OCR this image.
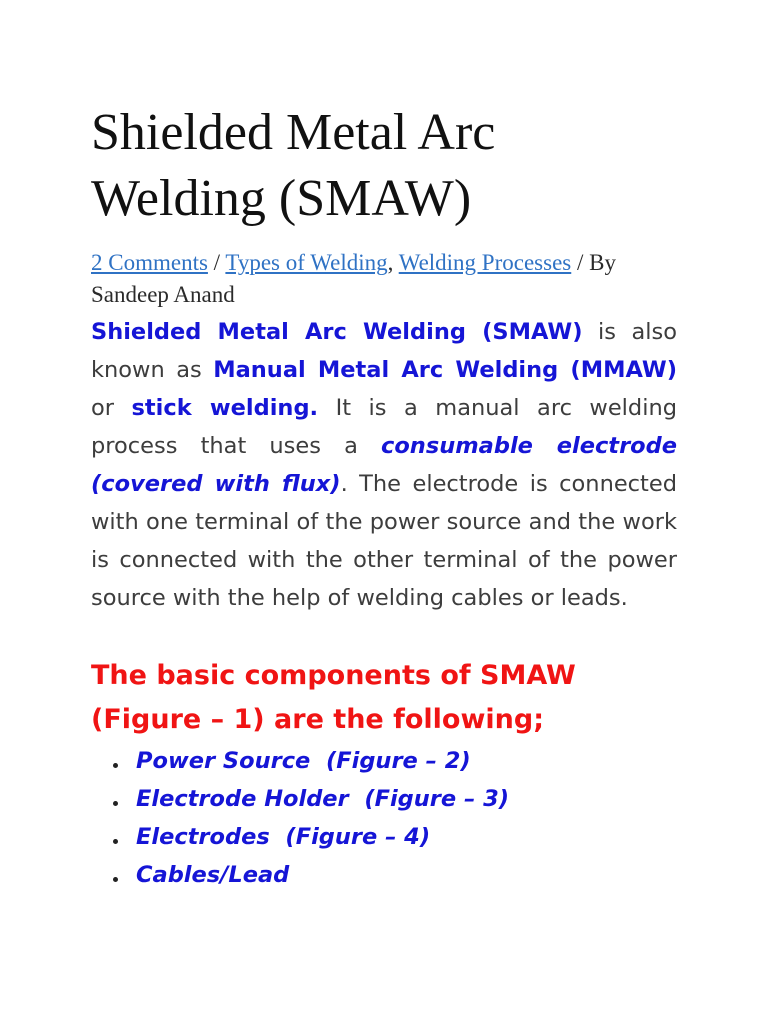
Shielded Metal Arc Welding (SMAW)
2 Comments / Types of Welding, Welding Processes / By Sandeep Anand

Shielded Metal Arc Welding (SMAW) is also known as Manual Metal Arc Welding (MMAW) or stick welding. It is a manual arc welding process that uses a consumable electrode (covered with flux). The electrode is connected with one terminal of the power source and the work is connected with the other terminal of the power source with the help of welding cables or leads.

The basic components of SMAW (Figure – 1) are the following;
Power Source  (Figure – 2)
Electrode Holder  (Figure – 3)
Electrodes  (Figure – 4)
Cables/Lead
